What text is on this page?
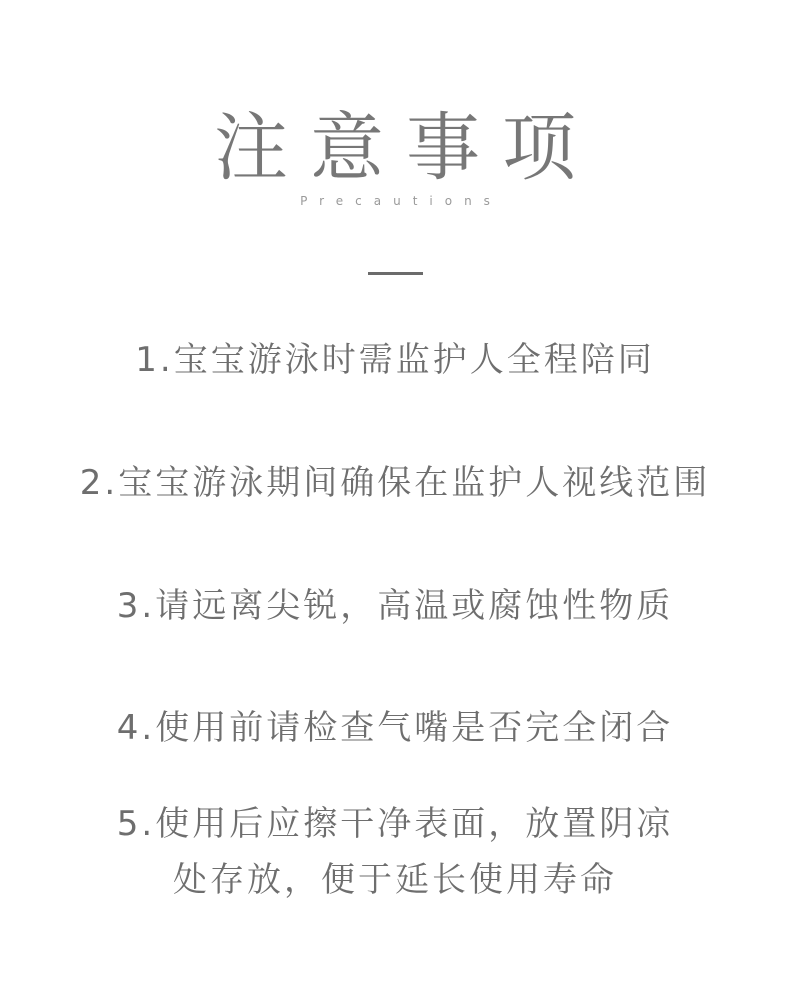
注意事项
Precautions
1.宝宝游泳时需监护人全程陪同
2.宝宝游泳期间确保在监护人视线范围
3.请远离尖锐，高温或腐蚀性物质
4.使用前请检查气嘴是否完全闭合
5.使用后应擦干净表面，放置阴凉
处存放，便于延长使用寿命
